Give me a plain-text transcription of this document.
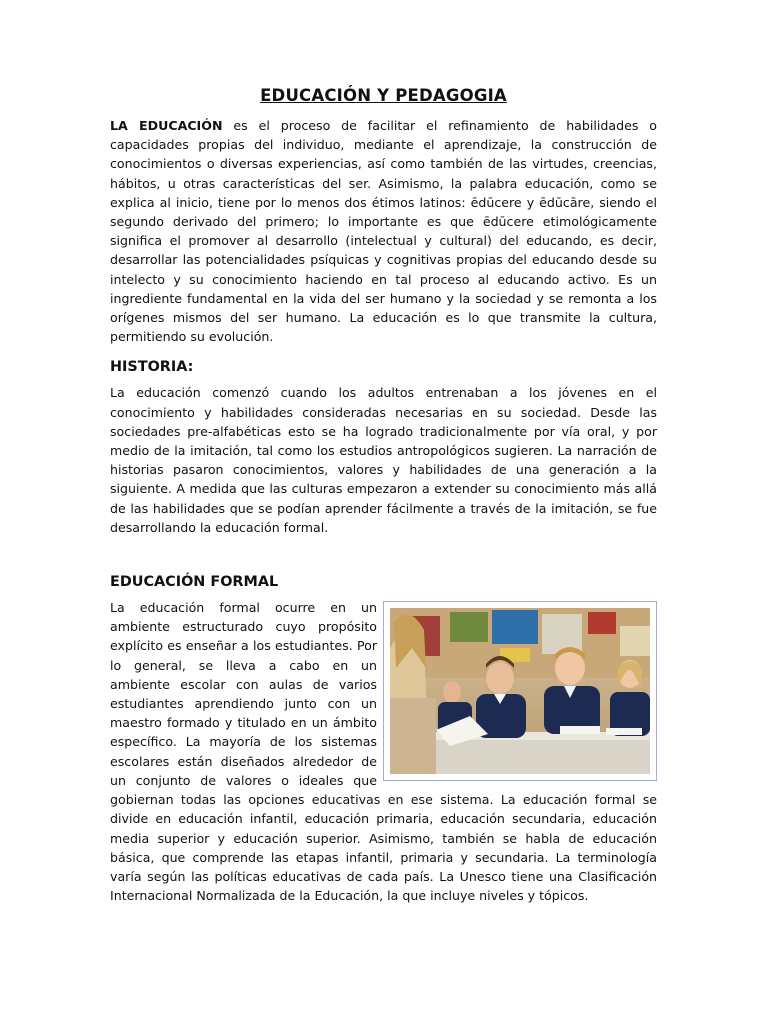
EDUCACIÓN Y PEDAGOGIA

LA EDUCACIÓN es el proceso de facilitar el refinamiento de habilidades o capacidades propias del individuo, mediante el aprendizaje, la construcción de conocimientos o diversas experiencias, así como también de las virtudes, creencias, hábitos, u otras características del ser. Asimismo, la palabra educación, como se explica al inicio, tiene por lo menos dos étimos latinos: ēdūcere y ēdūcāre, siendo el segundo derivado del primero; lo importante es que ēdūcere etimológicamente significa el promover al desarrollo (intelectual y cultural) del educando, es decir, desarrollar las potencialidades psíquicas y cognitivas propias del educando desde su intelecto y su conocimiento haciendo en tal proceso al educando activo. Es un ingrediente fundamental en la vida del ser humano y la sociedad y se remonta a los orígenes mismos del ser humano. La educación es lo que transmite la cultura, permitiendo su evolución.

HISTORIA:

La educación comenzó cuando los adultos entrenaban a los jóvenes en el conocimiento y habilidades consideradas necesarias en su sociedad. Desde las sociedades pre-alfabéticas esto se ha logrado tradicionalmente por vía oral, y por medio de la imitación, tal como los estudios antropológicos sugieren. La narración de historias pasaron conocimientos, valores y habilidades de una generación a la siguiente. A medida que las culturas empezaron a extender su conocimiento más allá de las habilidades que se podían aprender fácilmente a través de la imitación, se fue desarrollando la educación formal.

EDUCACIÓN FORMAL

La educación formal ocurre en un ambiente estructurado cuyo propósito explícito es enseñar a los estudiantes. Por lo general, se lleva a cabo en un ambiente escolar con aulas de varios estudiantes aprendiendo junto con un maestro formado y titulado en un ámbito específico. La mayoría de los sistemas escolares están diseñados alrededor de un conjunto de valores o ideales que gobiernan todas las opciones educativas en ese sistema. La educación formal se divide en educación infantil, educación primaria, educación secundaria, educación media superior y educación superior. Asimismo, también se habla de educación básica, que comprende las etapas infantil, primaria y secundaria. La terminología varía según las políticas educativas de cada país. La Unesco tiene una Clasificación Internacional Normalizada de la Educación, la que incluye niveles y tópicos.
